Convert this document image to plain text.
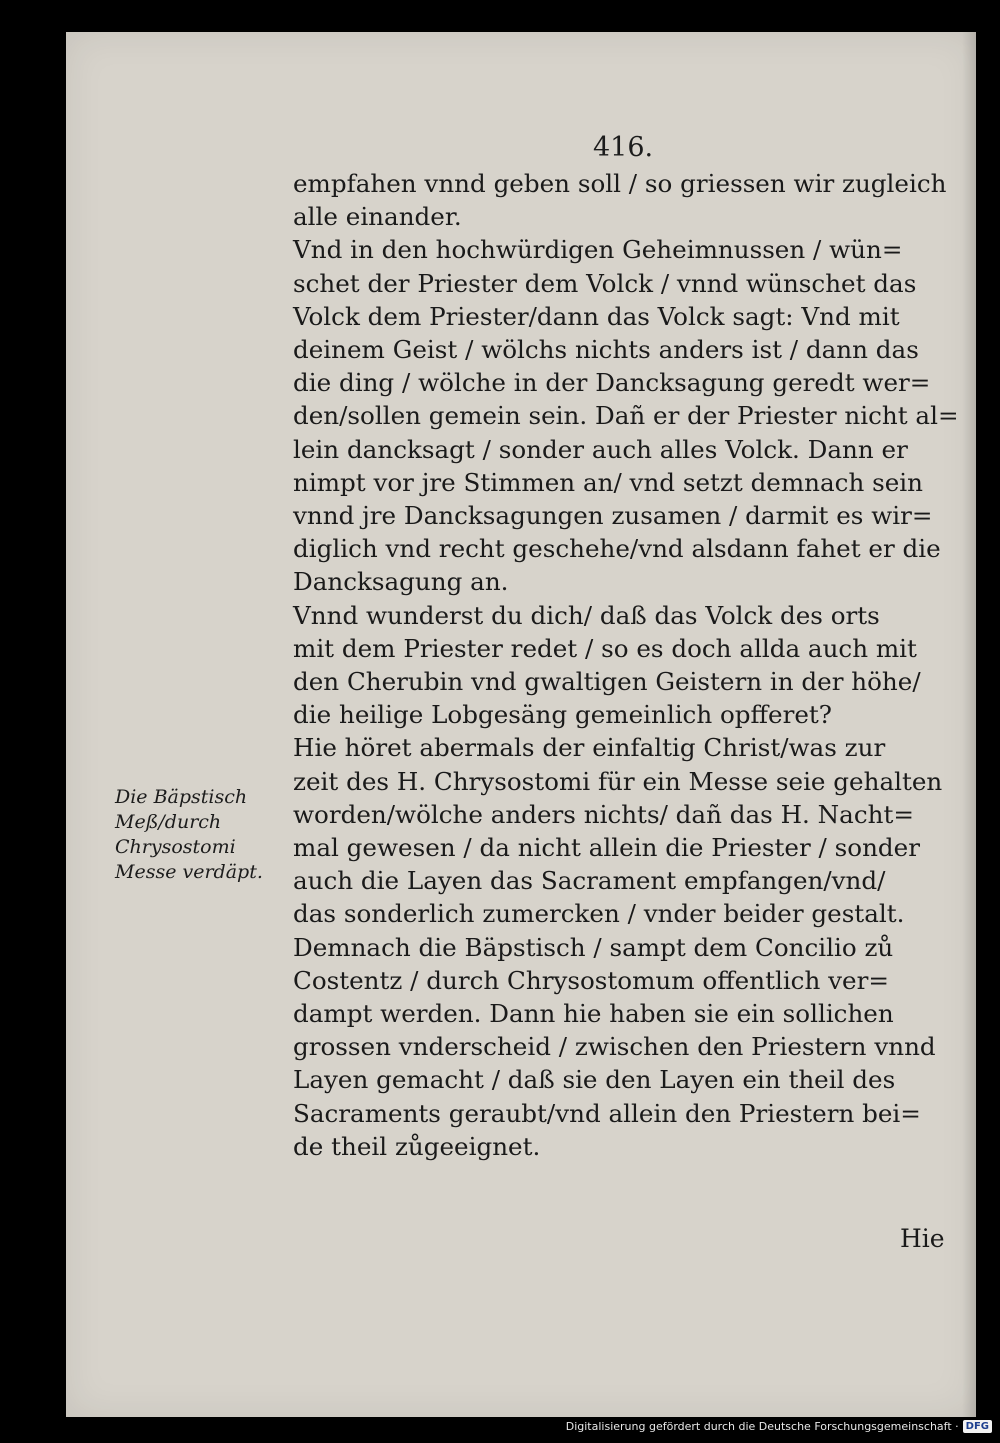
416.
empfahen vnnd geben soll / so griessen wir zugleich
alle einander.
Vnd in den hochwürdigen Geheimnussen / wün=
schet der Priester dem Volck / vnnd wünschet das
Volck dem Priester/dann das Volck sagt: Vnd mit
deinem Geist / wölchs nichts anders ist / dann das
die ding / wölche in der Dancksagung geredt wer=
den/sollen gemein sein. Dañ er der Priester nicht al=
lein dancksagt / sonder auch alles Volck. Dann er
nimpt vor jre Stimmen an/ vnd setzt demnach sein
vnnd jre Dancksagungen zusamen / darmit es wir=
diglich vnd recht geschehe/vnd alsdann fahet er die
Dancksagung an.
Vnnd wunderst du dich/ daß das Volck des orts
mit dem Priester redet / so es doch allda auch mit
den Cherubin vnd gwaltigen Geistern in der höhe/
die heilige Lobgesäng gemeinlich opfferet?
Hie höret abermals der einfaltig Christ/was zur
zeit des H. Chrysostomi für ein Messe seie gehalten
worden/wölche anders nichts/ dañ das H. Nacht=
mal gewesen / da nicht allein die Priester / sonder
auch die Layen das Sacrament empfangen/vnd/
das sonderlich zumercken / vnder beider gestalt.
Demnach die Bäpstisch / sampt dem Concilio zů
Costentz / durch Chrysostomum offentlich ver=
dampt werden. Dann hie haben sie ein sollichen
grossen vnderscheid / zwischen den Priestern vnnd
Layen gemacht / daß sie den Layen ein theil des
Sacraments geraubt/vnd allein den Priestern bei=
de theil zůgeeignet.
Die Bäpstisch
Meß/durch
Chrysostomi
Messe verdäpt.
Hie
Digitalisierung gefördert durch die Deutsche Forschungsgemeinschaft · DFG
